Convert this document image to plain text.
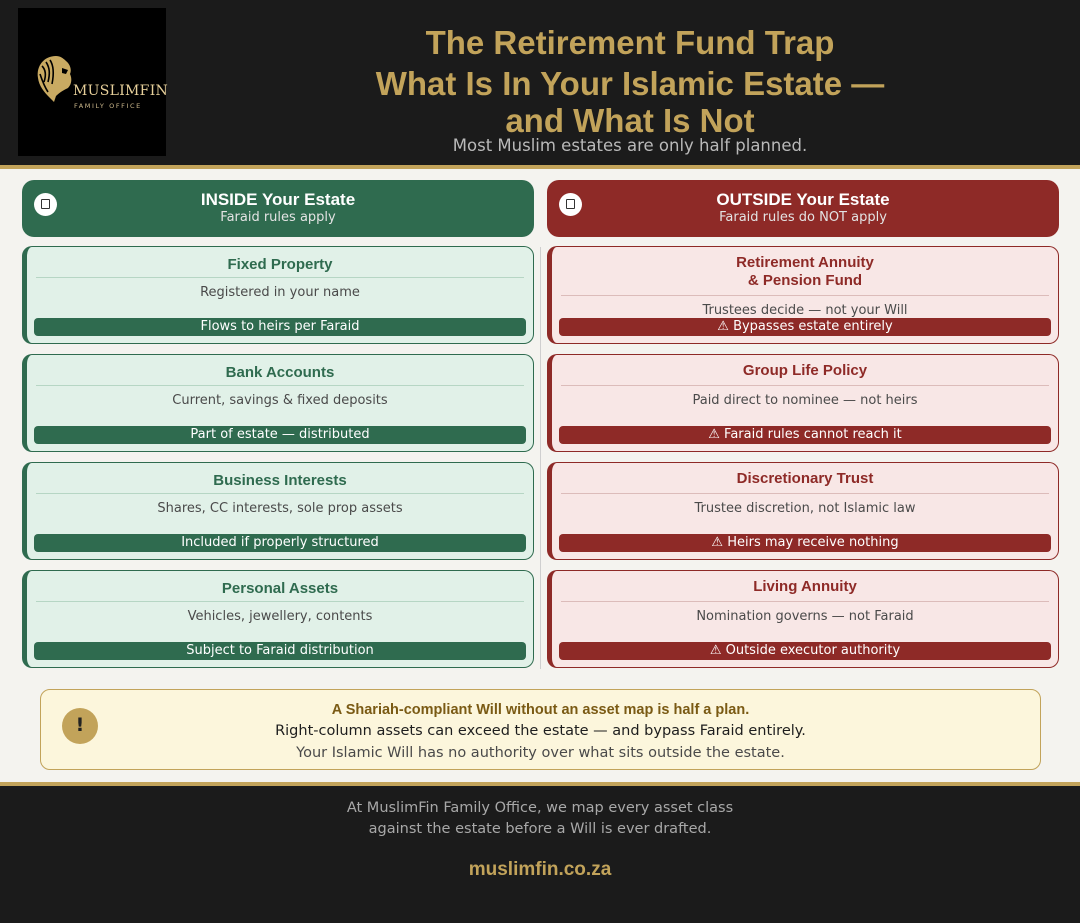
MUSLIMFIN
FAMILY OFFICE
The Retirement Fund Trap
What Is In Your Islamic Estate —
and What Is Not
Most Muslim estates are only half planned.
INSIDE Your Estate
Faraid rules apply
OUTSIDE Your Estate
Faraid rules do NOT apply
Fixed Property
Registered in your name
Flows to heirs per Faraid
Bank Accounts
Current, savings & fixed deposits
Part of estate — distributed
Business Interests
Shares, CC interests, sole prop assets
Included if properly structured
Personal Assets
Vehicles, jewellery, contents
Subject to Faraid distribution
Retirement Annuity
& Pension Fund
Trustees decide — not your Will
⚠ Bypasses estate entirely
Group Life Policy
Paid direct to nominee — not heirs
⚠ Faraid rules cannot reach it
Discretionary Trust
Trustee discretion, not Islamic law
⚠ Heirs may receive nothing
Living Annuity
Nomination governs — not Faraid
⚠ Outside executor authority
!
A Shariah-compliant Will without an asset map is half a plan.
Right-column assets can exceed the estate — and bypass Faraid entirely.
Your Islamic Will has no authority over what sits outside the estate.
At MuslimFin Family Office, we map every asset class
against the estate before a Will is ever drafted.
muslimfin.co.za
